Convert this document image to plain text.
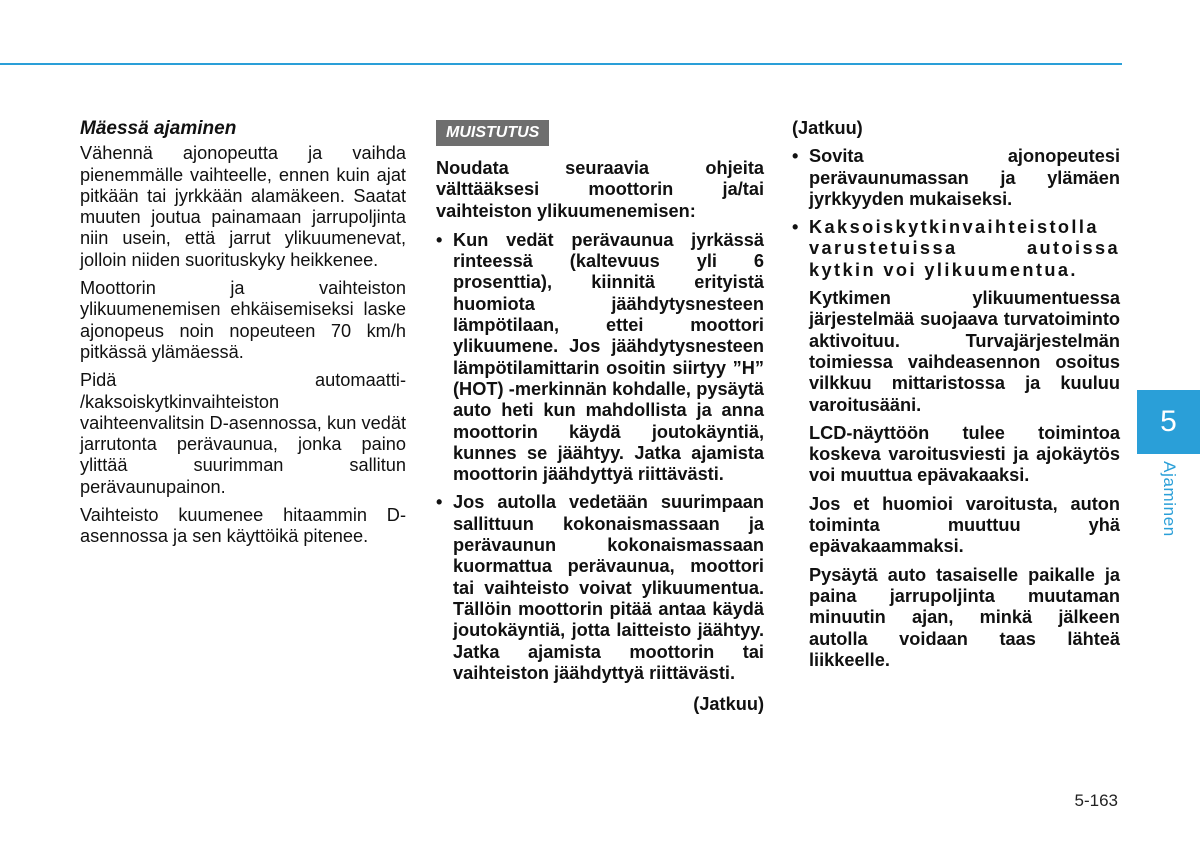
Mäessä ajaminen

Vähennä ajonopeutta ja vaihda pienemmälle vaihteelle, ennen kuin ajat pitkään tai jyrkkään alamäkeen. Saatat muuten joutua painamaan jarrupoljinta niin usein, että jarrut ylikuumenevat, jolloin niiden suorituskyky heikkenee.

Moottorin ja vaihteiston ylikuumenemisen ehkäisemiseksi laske ajonopeus noin nopeuteen 70 km/h pitkässä ylämäessä.

Pidä automaatti- /kaksoiskytkinvaihteiston vaihteenvalitsin D-asennossa, kun vedät jarrutonta perävaunua, jonka paino ylittää suurimman sallitun perävaunupainon.

Vaihteisto kuumenee hitaammin D-asennossa ja sen käyttöikä pitenee.

MUISTUTUS

Noudata seuraavia ohjeita välttääksesi moottorin ja/tai vaihteiston ylikuumenemisen:

• Kun vedät perävaunua jyrkässä rinteessä (kaltevuus yli 6 prosenttia), kiinnitä erityistä huomiota jäähdytysnesteen lämpötilaan, ettei moottori ylikuumene. Jos jäähdytysnesteen lämpötilamittarin osoitin siirtyy ”H” (HOT) -merkinnän kohdalle, pysäytä auto heti kun mahdollista ja anna moottorin käydä joutokäyntiä, kunnes se jäähtyy. Jatka ajamista moottorin jäähdyttyä riittävästi.
• Jos autolla vedetään suurimpaan sallittuun kokonaismassaan ja perävaunun kokonaismassaan kuormattua perävaunua, moottori tai vaihteisto voivat ylikuumentua. Tällöin moottorin pitää antaa käydä joutokäyntiä, jotta laitteisto jäähtyy. Jatka ajamista moottorin tai vaihteiston jäähdyttyä riittävästi.

(Jatkuu)

(Jatkuu)

• Sovita ajonopeutesi perävaunumassan ja ylämäen jyrkkyyden mukaiseksi.
• Kaksoiskytkinvaihteistolla varustetuissa autoissa kytkin voi ylikuumentua.

Kytkimen ylikuumentuessa järjestelmää suojaava turvatoiminto aktivoituu. Turvajärjestelmän toimiessa vaihdeasennon osoitus vilkkuu mittaristossa ja kuuluu varoitusääni.

LCD-näyttöön tulee toimintoa koskeva varoitusviesti ja ajokäytös voi muuttua epävakaaksi.

Jos et huomioi varoitusta, auton toiminta muuttuu yhä epävakaammaksi.

Pysäytä auto tasaiselle paikalle ja paina jarrupoljinta muutaman minuutin ajan, minkä jälkeen autolla voidaan taas lähteä liikkeelle.

5
Ajaminen
5-163
